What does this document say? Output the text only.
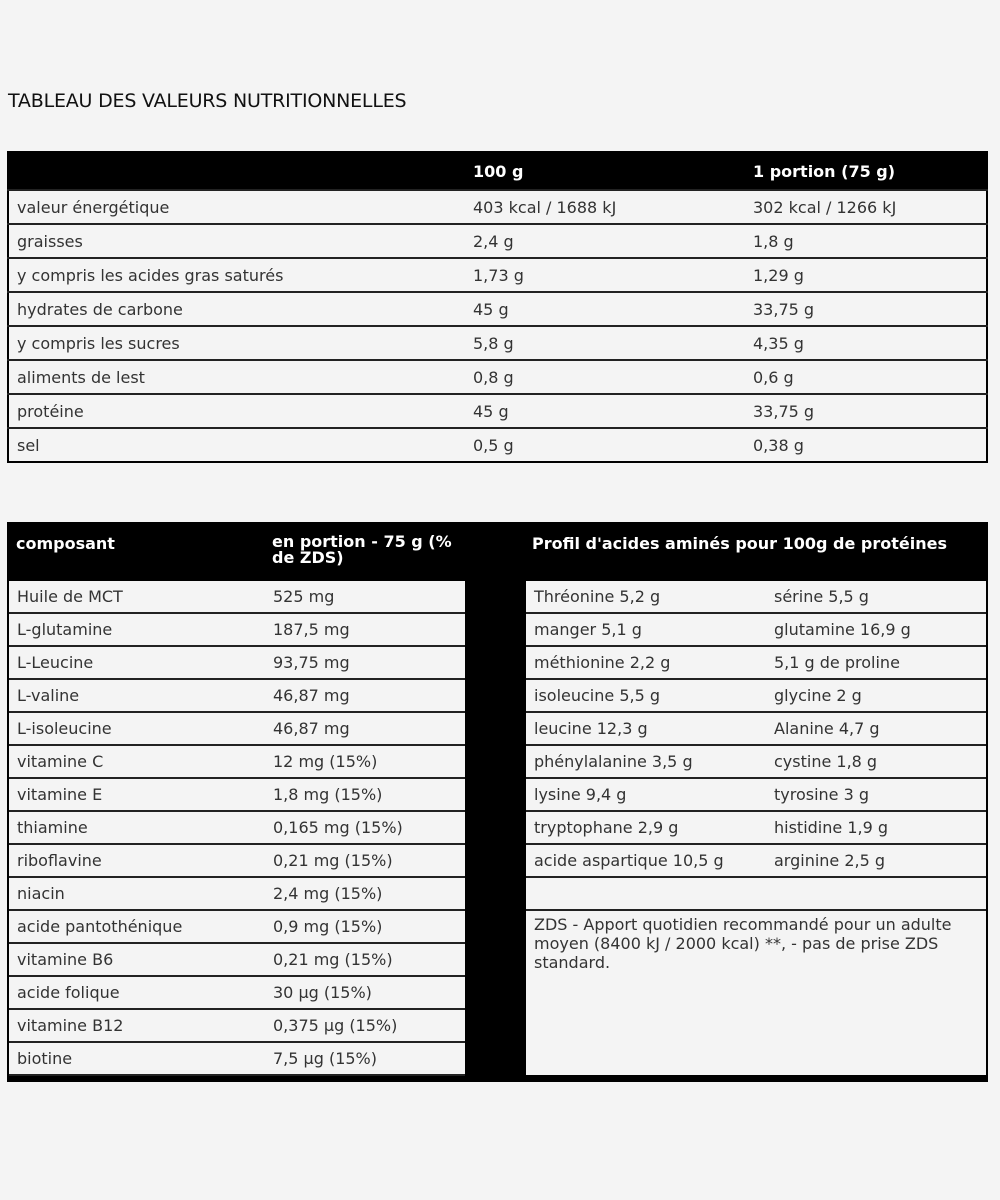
TABLEAU DES VALEURS NUTRITIONNELLES
	100 g	1 portion (75 g)
valeur énergétique	403 kcal / 1688 kJ	302 kcal / 1266 kJ
graisses	2,4 g	1,8 g
y compris les acides gras saturés	1,73 g	1,29 g
hydrates de carbone	45 g	33,75 g
y compris les sucres	5,8 g	4,35 g
aliments de lest	0,8 g	0,6 g
protéine	45 g	33,75 g
sel	0,5 g	0,38 g
composant	en portion - 75 g (% de ZDS)
Profil d'acides aminés pour 100g de protéines
Huile de MCT	525 mg
L-glutamine	187,5 mg
L-Leucine	93,75 mg
L-valine	46,87 mg
L-isoleucine	46,87 mg
vitamine C	12 mg (15%)
vitamine E	1,8 mg (15%)
thiamine	0,165 mg (15%)
riboflavine	0,21 mg (15%)
niacin	2,4 mg (15%)
acide pantothénique	0,9 mg (15%)
vitamine B6	0,21 mg (15%)
acide folique	30 µg (15%)
vitamine B12	0,375 µg (15%)
biotine	7,5 µg (15%)
Thréonine 5,2 g	sérine 5,5 g
manger 5,1 g	glutamine 16,9 g
méthionine 2,2 g	5,1 g de proline
isoleucine 5,5 g	glycine 2 g
leucine 12,3 g	Alanine 4,7 g
phénylalanine 3,5 g	cystine 1,8 g
lysine 9,4 g	tyrosine 3 g
tryptophane 2,9 g	histidine 1,9 g
acide aspartique 10,5 g	arginine 2,5 g
ZDS - Apport quotidien recommandé pour un adulte moyen (8400 kJ / 2000 kcal) **, - pas de prise ZDS standard.
